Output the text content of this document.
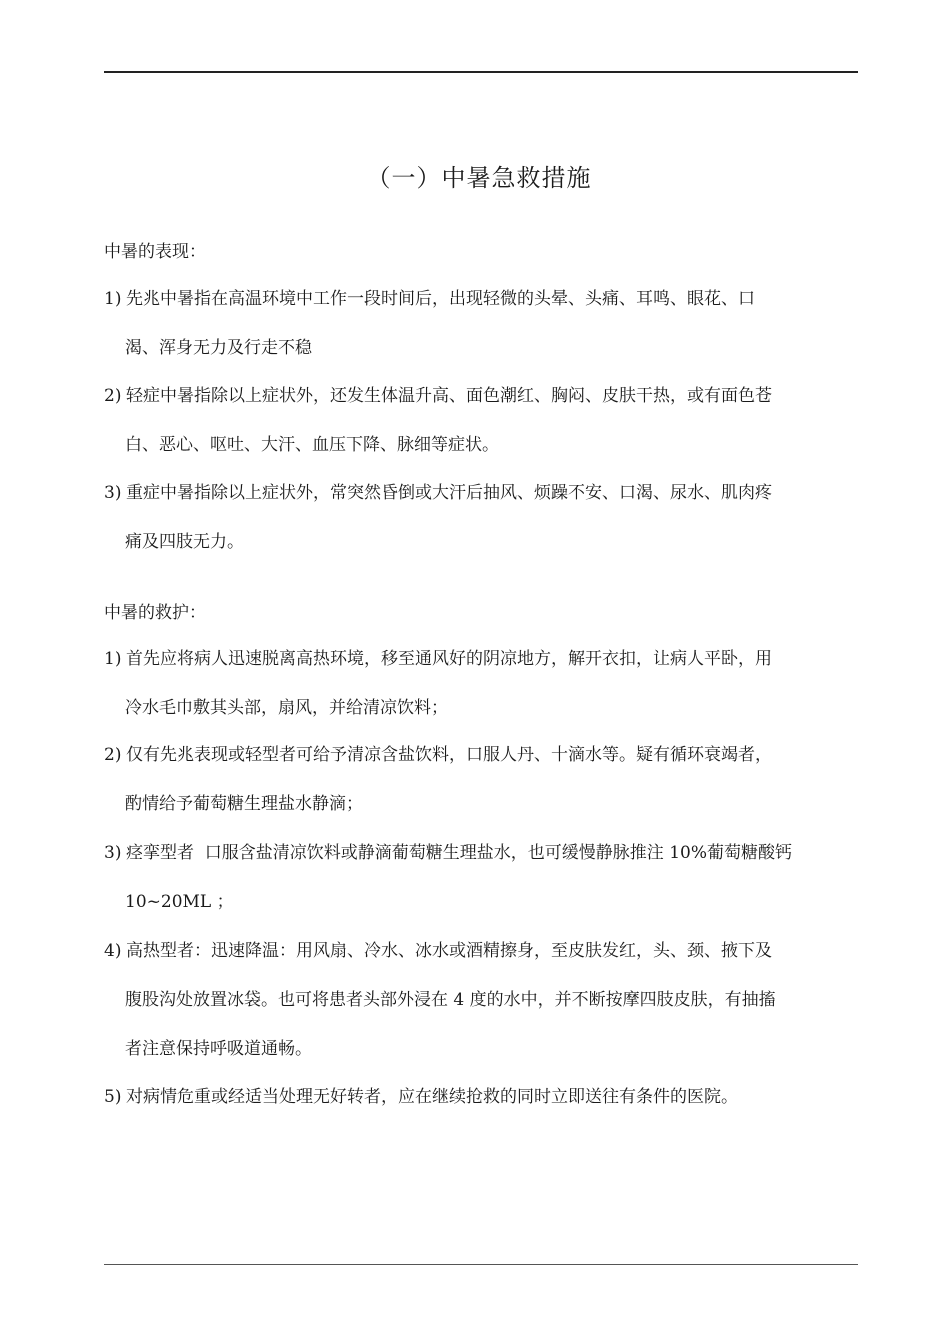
（一）中暑急救措施
中暑的表现：
1) 先兆中暑指在高温环境中工作一段时间后，出现轻微的头晕、头痛、耳鸣、眼花、口
渴、浑身无力及行走不稳
2) 轻症中暑指除以上症状外，还发生体温升高、面色潮红、胸闷、皮肤干热，或有面色苍
白、恶心、呕吐、大汗、血压下降、脉细等症状。
3) 重症中暑指除以上症状外，常突然昏倒或大汗后抽风、烦躁不安、口渴、尿水、肌肉疼
痛及四肢无力。
中暑的救护：
1) 首先应将病人迅速脱离高热环境，移至通风好的阴凉地方，解开衣扣，让病人平卧，用
冷水毛巾敷其头部，扇风，并给清凉饮料；
2) 仅有先兆表现或轻型者可给予清凉含盐饮料，口服人丹、十滴水等。疑有循环衰竭者，
酌情给予葡萄糖生理盐水静滴；
3) 痉挛型者  口服含盐清凉饮料或静滴葡萄糖生理盐水，也可缓慢静脉推注 10%葡萄糖酸钙
10~20ML ；
4) 高热型者：迅速降温：用风扇、冷水、冰水或酒精擦身，至皮肤发红，头、颈、掖下及
腹股沟处放置冰袋。也可将患者头部外浸在 4 度的水中，并不断按摩四肢皮肤，有抽搐
者注意保持呼吸道通畅。
5) 对病情危重或经适当处理无好转者，应在继续抢救的同时立即送往有条件的医院。
